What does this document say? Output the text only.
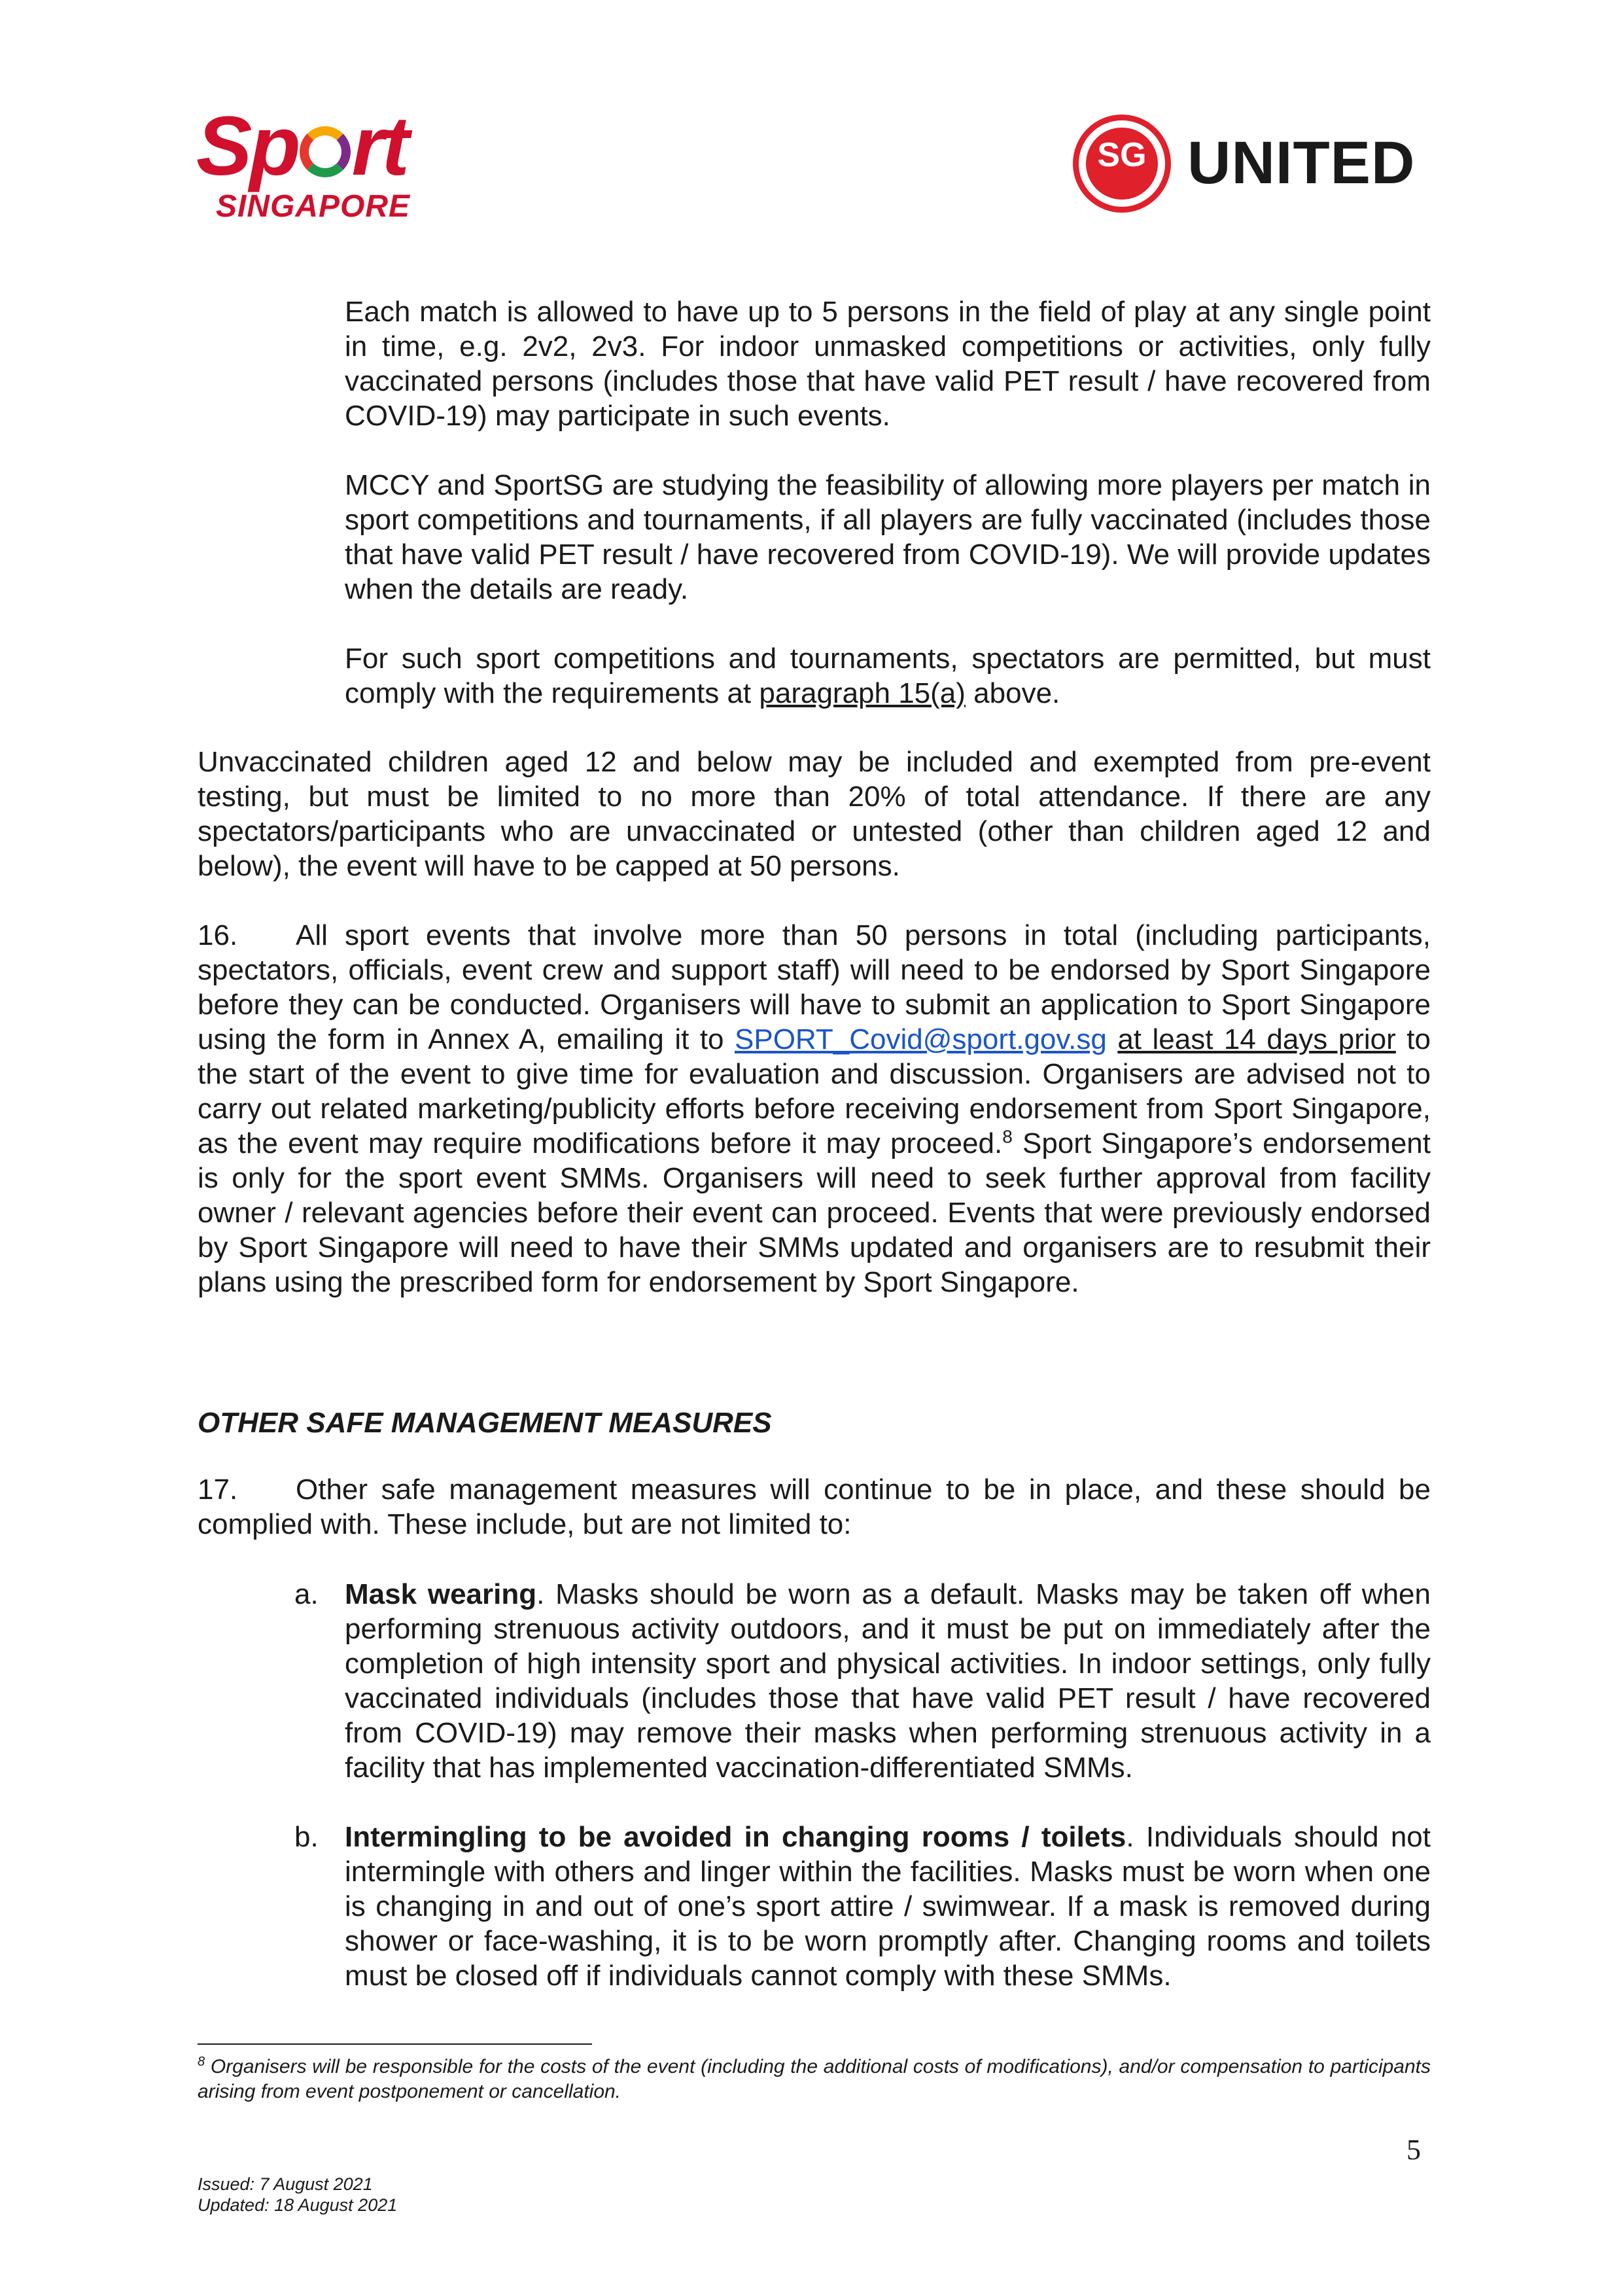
Sp rt
SINGAPORE
SG UNITED

Each match is allowed to have up to 5 persons in the field of play at any single point in time, e.g. 2v2, 2v3. For indoor unmasked competitions or activities, only fully vaccinated persons (includes those that have valid PET result / have recovered from COVID-19) may participate in such events.

MCCY and SportSG are studying the feasibility of allowing more players per match in sport competitions and tournaments, if all players are fully vaccinated (includes those that have valid PET result / have recovered from COVID-19). We will provide updates when the details are ready.

For such sport competitions and tournaments, spectators are permitted, but must comply with the requirements at paragraph 15(a) above.

Unvaccinated children aged 12 and below may be included and exempted from pre-event testing, but must be limited to no more than 20% of total attendance. If there are any spectators/participants who are unvaccinated or untested (other than children aged 12 and below), the event will have to be capped at 50 persons.

16. All sport events that involve more than 50 persons in total (including participants, spectators, officials, event crew and support staff) will need to be endorsed by Sport Singapore before they can be conducted. Organisers will have to submit an application to Sport Singapore using the form in Annex A, emailing it to SPORT_Covid@sport.gov.sg at least 14 days prior to the start of the event to give time for evaluation and discussion. Organisers are advised not to carry out related marketing/publicity efforts before receiving endorsement from Sport Singapore, as the event may require modifications before it may proceed.$^8$ Sport Singapore’s endorsement is only for the sport event SMMs. Organisers will need to seek further approval from facility owner / relevant agencies before their event can proceed. Events that were previously endorsed by Sport Singapore will need to have their SMMs updated and organisers are to resubmit their plans using the prescribed form for endorsement by Sport Singapore.

OTHER SAFE MANAGEMENT MEASURES

17. Other safe management measures will continue to be in place, and these should be complied with. These include, but are not limited to:

a. Mask wearing. Masks should be worn as a default. Masks may be taken off when performing strenuous activity outdoors, and it must be put on immediately after the completion of high intensity sport and physical activities. In indoor settings, only fully vaccinated individuals (includes those that have valid PET result / have recovered from COVID-19) may remove their masks when performing strenuous activity in a facility that has implemented vaccination-differentiated SMMs.

b. Intermingling to be avoided in changing rooms / toilets. Individuals should not intermingle with others and linger within the facilities. Masks must be worn when one is changing in and out of one’s sport attire / swimwear. If a mask is removed during shower or face-washing, it is to be worn promptly after. Changing rooms and toilets must be closed off if individuals cannot comply with these SMMs.

$^8$ Organisers will be responsible for the costs of the event (including the additional costs of modifications), and/or compensation to participants arising from event postponement or cancellation.

5

Issued: 7 August 2021
Updated: 18 August 2021
